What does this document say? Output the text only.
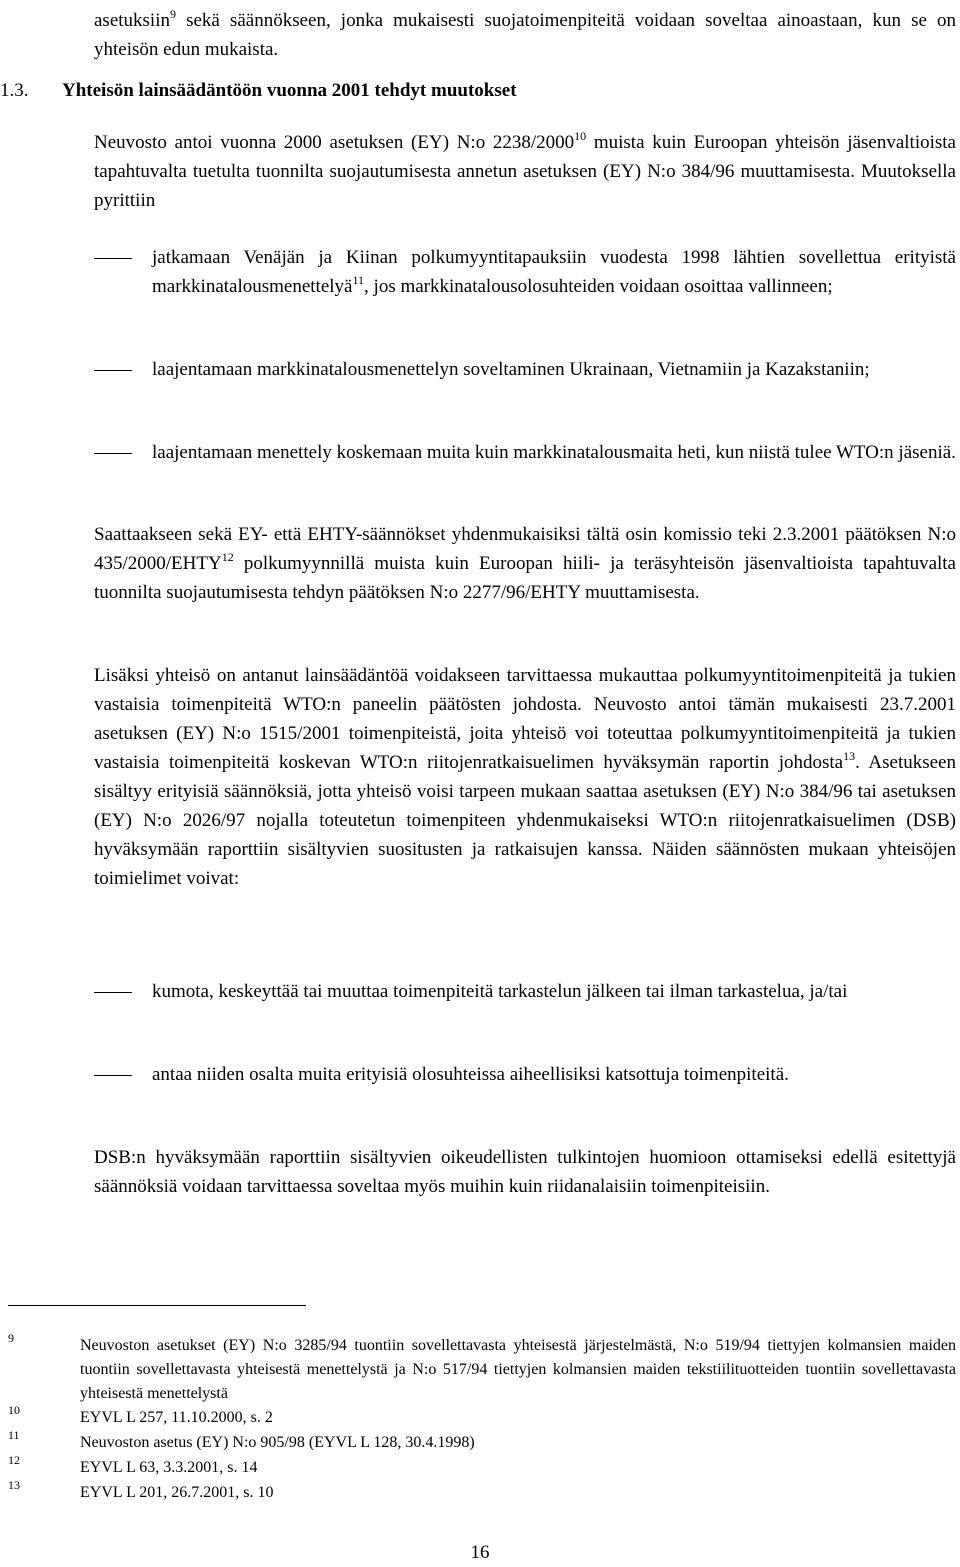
asetuksiin$^9$ sekä säännökseen, jonka mukaisesti suojatoimenpiteitä voidaan soveltaa ainoastaan, kun se on yhteisön edun mukaista.

1.3. Yhteisön lainsäädäntöön vuonna 2001 tehdyt muutokset

Neuvosto antoi vuonna 2000 asetuksen (EY) N:o 2238/2000$^{10}$ muista kuin Euroopan yhteisön jäsenvaltioista tapahtuvalta tuetulta tuonnilta suojautumisesta annetun asetuksen (EY) N:o 384/96 muuttamisesta. Muutoksella pyrittiin

jatkamaan Venäjän ja Kiinan polkumyyntitapauksiin vuodesta 1998 lähtien sovellettua erityistä markkinatalousmenettelyä$^{11}$, jos markkinatalousolosuhteiden voidaan osoittaa vallinneen;
laajentamaan markkinatalousmenettelyn soveltaminen Ukrainaan, Vietnamiin ja Kazakstaniin;
laajentamaan menettely koskemaan muita kuin markkinatalousmaita heti, kun niistä tulee WTO:n jäseniä.

Saattaakseen sekä EY- että EHTY-säännökset yhdenmukaisiksi tältä osin komissio teki 2.3.2001 päätöksen N:o 435/2000/EHTY$^{12}$ polkumyynnillä muista kuin Euroopan hiili- ja teräsyhteisön jäsenvaltioista tapahtuvalta tuonnilta suojautumisesta tehdyn päätöksen N:o 2277/96/EHTY muuttamisesta.

Lisäksi yhteisö on antanut lainsäädäntöä voidakseen tarvittaessa mukauttaa polkumyyntitoimenpiteitä ja tukien vastaisia toimenpiteitä WTO:n paneelin päätösten johdosta. Neuvosto antoi tämän mukaisesti 23.7.2001 asetuksen (EY) N:o 1515/2001 toimenpiteistä, joita yhteisö voi toteuttaa polkumyyntitoimenpiteitä ja tukien vastaisia toimenpiteitä koskevan WTO:n riitojenratkaisuelimen hyväksymän raportin johdosta$^{13}$. Asetukseen sisältyy erityisiä säännöksiä, jotta yhteisö voisi tarpeen mukaan saattaa asetuksen (EY) N:o 384/96 tai asetuksen (EY) N:o 2026/97 nojalla toteutetun toimenpiteen yhdenmukaiseksi WTO:n riitojenratkaisuelimen (DSB) hyväksymään raporttiin sisältyvien suositusten ja ratkaisujen kanssa. Näiden säännösten mukaan yhteisöjen toimielimet voivat:

kumota, keskeyttää tai muuttaa toimenpiteitä tarkastelun jälkeen tai ilman tarkastelua, ja/tai
antaa niiden osalta muita erityisiä olosuhteissa aiheellisiksi katsottuja toimenpiteitä.

DSB:n hyväksymään raporttiin sisältyvien oikeudellisten tulkintojen huomioon ottamiseksi edellä esitettyjä säännöksiä voidaan tarvittaessa soveltaa myös muihin kuin riidanalaisiin toimenpiteisiin.

9	Neuvoston asetukset (EY) N:o 3285/94 tuontiin sovellettavasta yhteisestä järjestelmästä, N:o 519/94 tiettyjen kolmansien maiden tuontiin sovellettavasta yhteisestä menettelystä ja N:o 517/94 tiettyjen kolmansien maiden tekstiilituotteiden tuontiin sovellettavasta yhteisestä menettelystä
10	EYVL L 257, 11.10.2000, s. 2
11	Neuvoston asetus (EY) N:o 905/98 (EYVL L 128, 30.4.1998)
12	EYVL L 63, 3.3.2001, s. 14
13	EYVL L 201, 26.7.2001, s. 10
16
